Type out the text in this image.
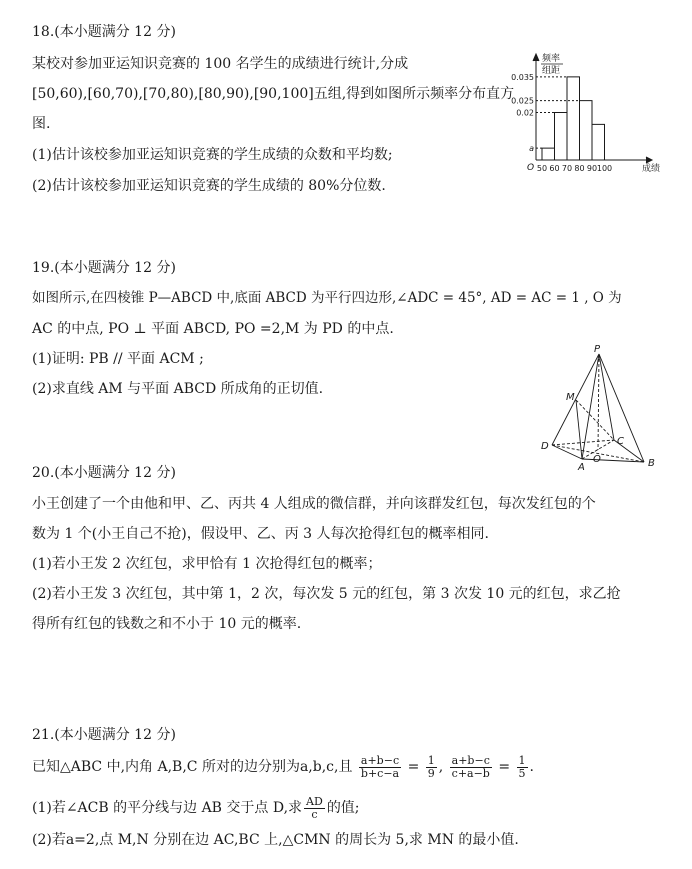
18.(本小题满分 12 分)
某校对参加亚运知识竞赛的 100 名学生的成绩进行统计,分成
[50,60),[60,70),[70,80),[80,90),[90,100]五组,得到如图所示频率分布直方
图.
(1)估计该校参加亚运知识竞赛的学生成绩的众数和平均数;
(2)估计该校参加亚运知识竞赛的学生成绩的 80%分位数.
a
0.02
0.025
0.035
50 60 70 80 90 100
O	成绩
频率
组距
19.(本小题满分 12 分)
如图所示,在四棱锥 P—ABCD 中,底面 ABCD 为平行四边形,∠ADC = 45°, AD = AC = 1 , O 为
AC 的中点, PO ⊥ 平面 ABCD, PO =2,M 为 PD 的中点.
(1)证明: PB // 平面 ACM ;
(2)求直线 AM 与平面 ABCD 所成角的正切值.
P
M
D	C
A
O	B
20.(本小题满分 12 分)
小王创建了一个由他和甲、乙、丙共 4 人组成的微信群，并向该群发红包，每次发红包的个
数为 1 个(小王自己不抢)，假设甲、乙、丙 3 人每次抢得红包的概率相同.
(1)若小王发 2 次红包，求甲恰有 1 次抢得红包的概率；
(2)若小王发 3 次红包，其中第 1，2 次，每次发 5 元的红包，第 3 次发 10 元的红包，求乙抢
得所有红包的钱数之和不小于 10 元的概率.
21.(本小题满分 12 分)
已知△ABC 中,内角 A,B,C 所对的边分别为a,b,c,且 $\frac{a+b-c}{b+c-a} = \frac{1}{9}$ , $\frac{a+b-c}{c+a-b} = \frac{1}{5}$ .
(1)若∠ACB 的平分线与边 AB 交于点 D,求 $\frac{AD}{c}$ 的值;
(2)若a=2,点 M,N 分别在边 AC,BC 上,△CMN 的周长为 5,求 MN 的最小值.
